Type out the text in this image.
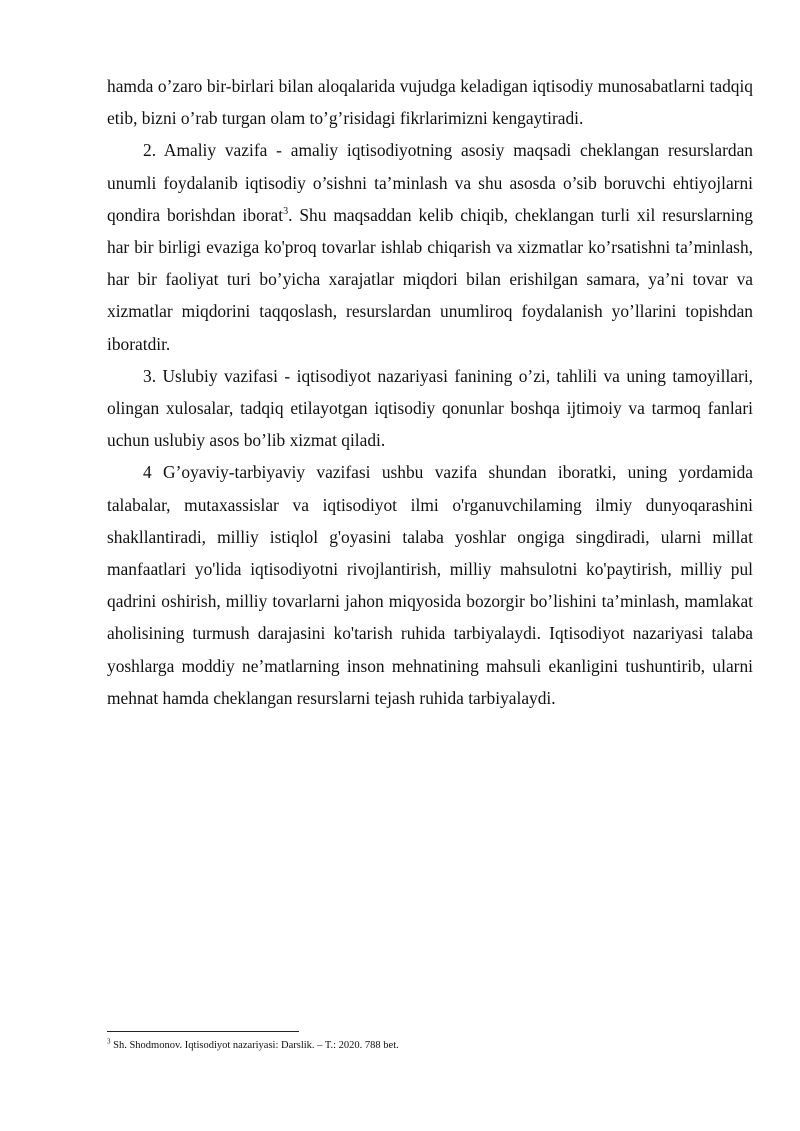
hamda o’zaro bir-birlari bilan aloqalarida vujudga keladigan iqtisodiy munosabatlarni tadqiq etib, bizni o’rab turgan olam to’g’risidagi fikrlarimizni kengaytiradi.

2. Amaliy vazifa - amaliy iqtisodiyotning asosiy maqsadi cheklangan resurslardan unumli foydalanib iqtisodiy o’sishni ta’minlash va shu asosda o’sib boruvchi ehtiyojlarni qondira borishdan iborat$^3$. Shu maqsaddan kelib chiqib, cheklangan turli xil resurslarning har bir birligi evaziga ko'proq tovarlar ishlab chiqarish va xizmatlar ko’rsatishni ta’minlash, har bir faoliyat turi bo’yicha xarajatlar miqdori bilan erishilgan samara, ya’ni tovar va xizmatlar miqdorini taqqoslash, resurslardan unumliroq foydalanish yo’llarini topishdan iboratdir.

3. Uslubiy vazifasi - iqtisodiyot nazariyasi fanining o’zi, tahlili va uning tamoyillari, olingan xulosalar, tadqiq etilayotgan iqtisodiy qonunlar boshqa ijtimoiy va tarmoq fanlari uchun uslubiy asos bo’lib xizmat qiladi.

4 G’oyaviy-tarbiyaviy vazifasi ushbu vazifa shundan iboratki, uning yordamida talabalar, mutaxassislar va iqtisodiyot ilmi o'rganuvchilaming ilmiy dunyoqarashini shakllantiradi, milliy istiqlol g'oyasini talaba yoshlar ongiga singdiradi, ularni millat manfaatlari yo'lida iqtisodiyotni rivojlantirish, milliy mahsulotni ko'paytirish, milliy pul qadrini oshirish, milliy tovarlarni jahon miqyosida bozorgir bo’lishini ta’minlash, mamlakat aholisining turmush darajasini ko'tarish ruhida tarbiyalaydi. Iqtisodiyot nazariyasi talaba yoshlarga moddiy ne’matlarning inson mehnatining mahsuli ekanligini tushuntirib, ularni mehnat hamda cheklangan resurslarni tejash ruhida tarbiyalaydi.

$^3$ Sh. Shodmonov. Iqtisodiyot nazariyasi: Darslik. – T.: 2020. 788 bet.
